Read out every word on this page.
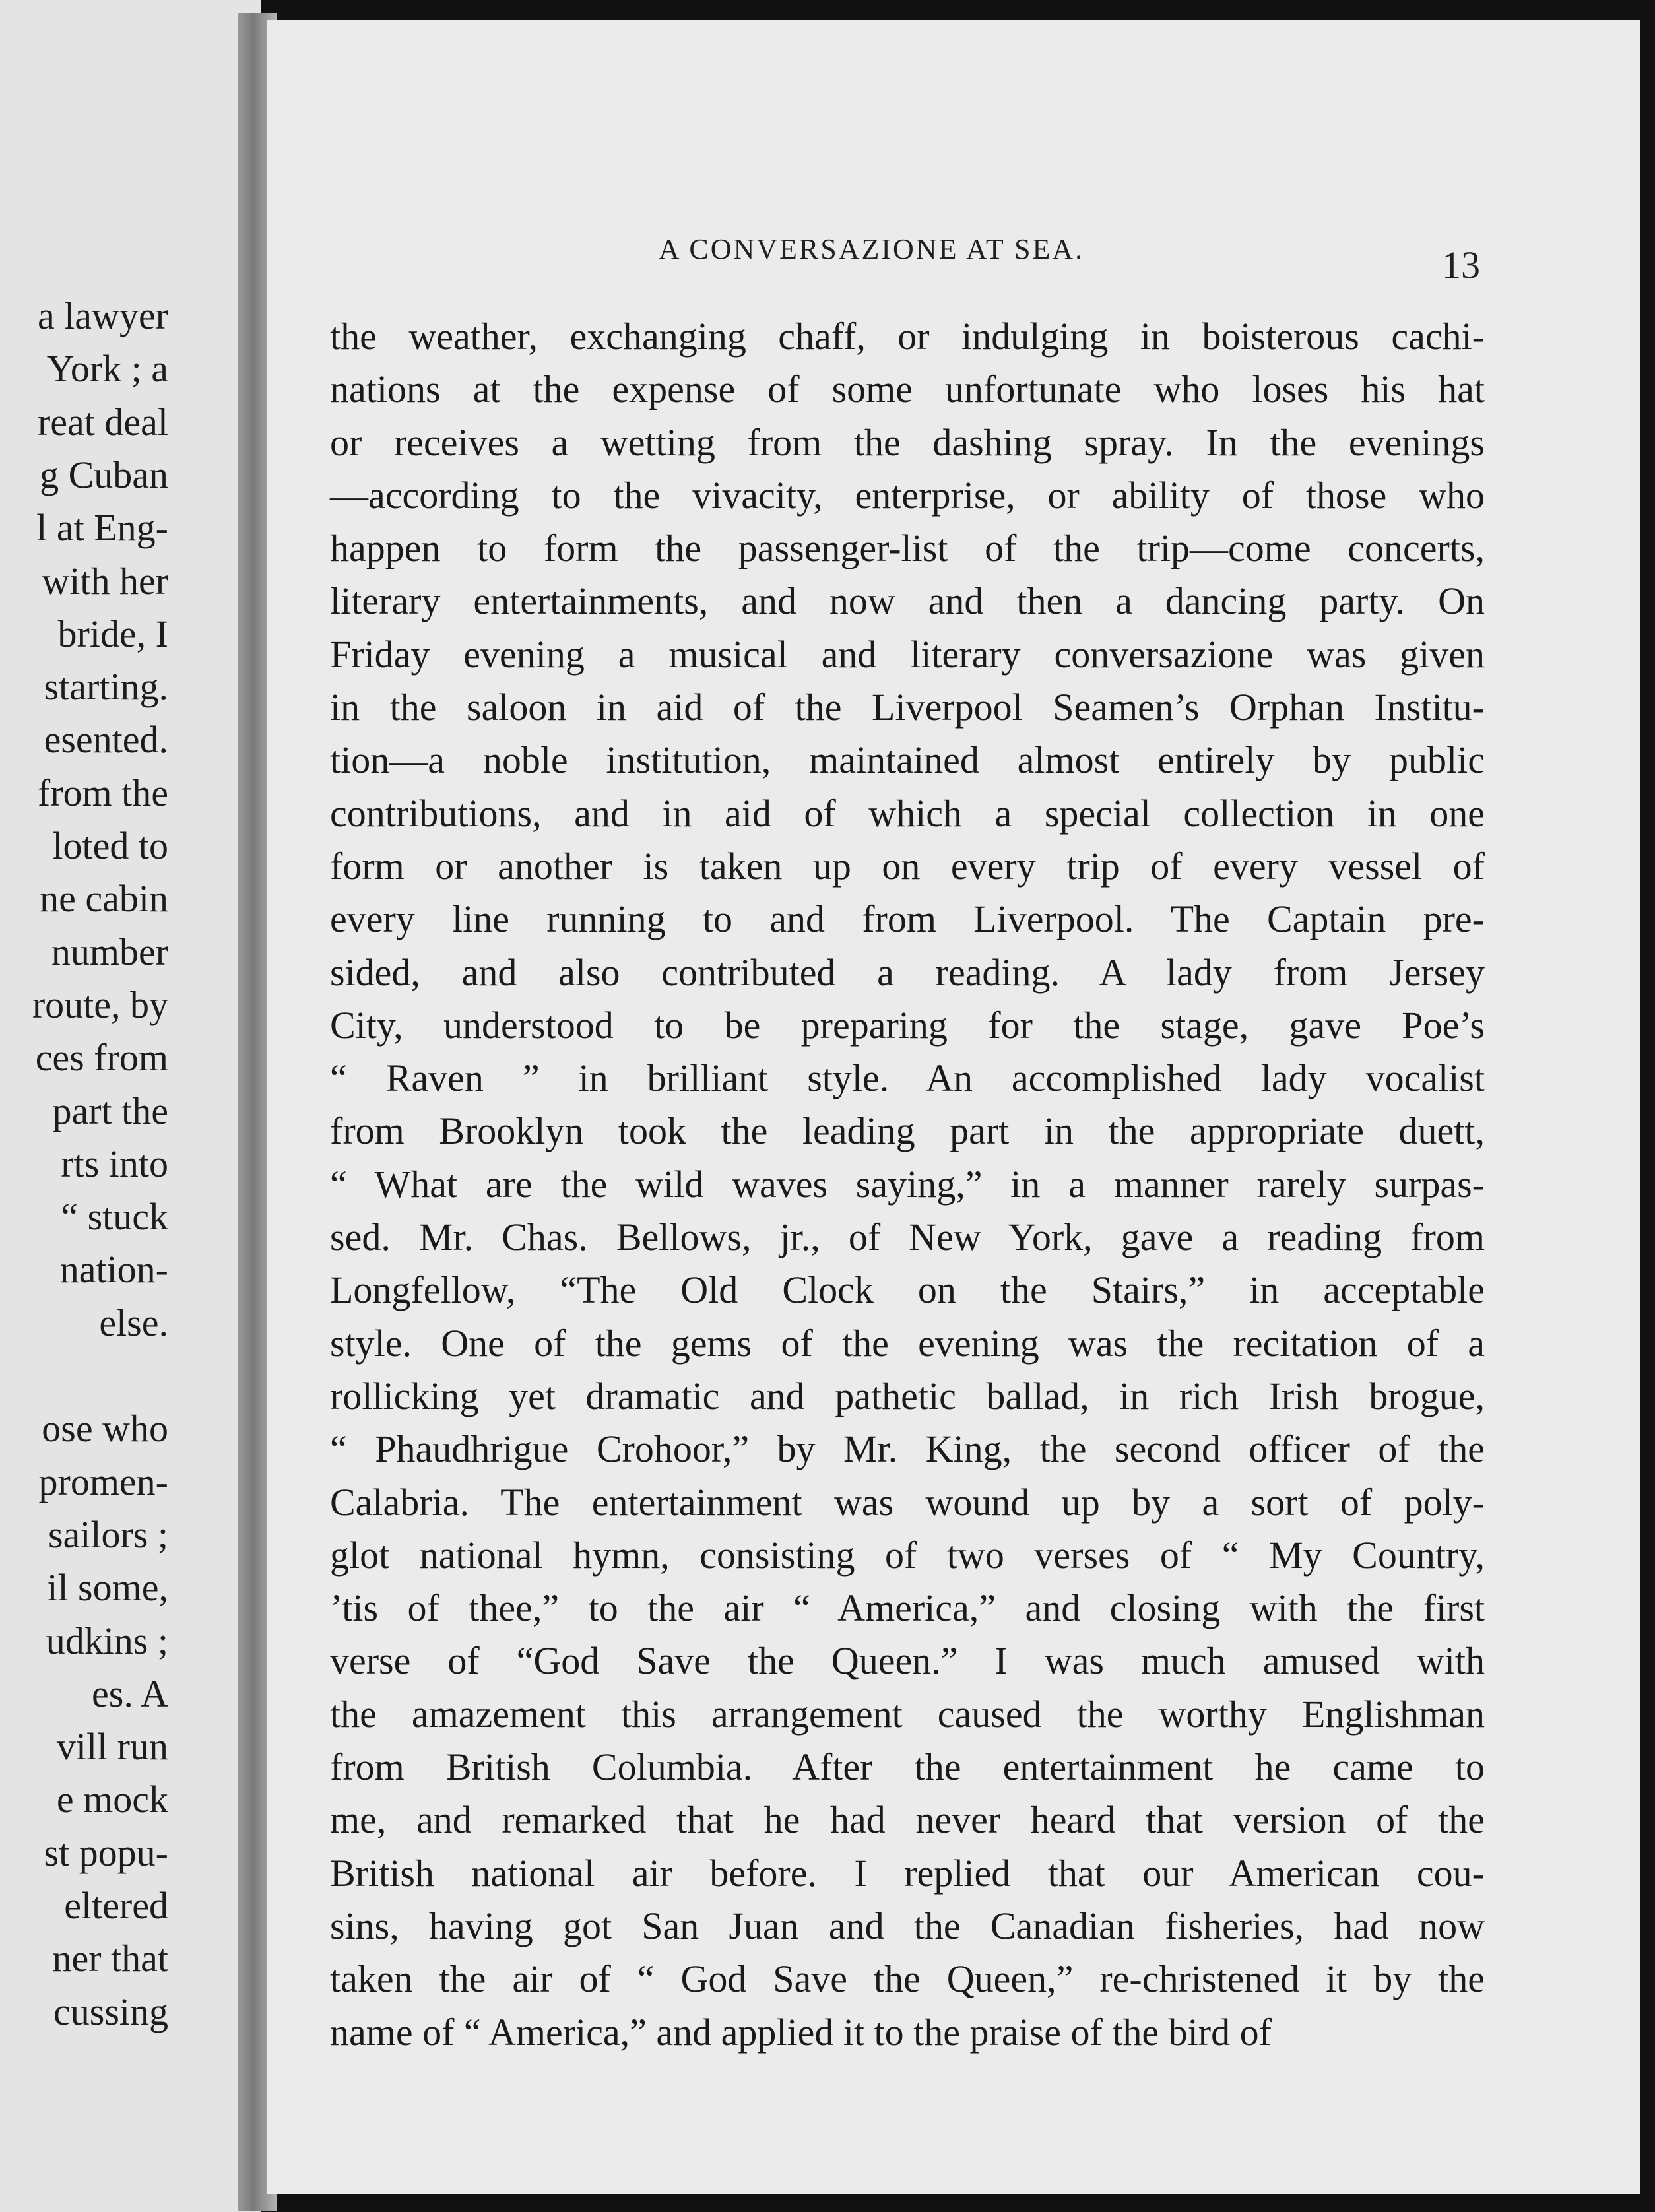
a lawyer
York ; a
reat deal
g Cuban
l at Eng-
with her
bride, I
starting.
esented.
from the
loted to
ne cabin
number
route, by
ces from
part the
rts into
“ stuck
nation-
else.
ose who
promen-
sailors ;
il some,
udkins ;
es. A
vill run
e mock
st popu-
eltered
ner that
cussing
A CONVERSAZIONE AT SEA.	13
the weather, exchanging chaff, or indulging in boisterous cachi-
nations at the expense of some unfortunate who loses his hat
or receives a wetting from the dashing spray. In the evenings
—according to the vivacity, enterprise, or ability of those who
happen to form the passenger-list of the trip—come concerts,
literary entertainments, and now and then a dancing party. On
Friday evening a musical and literary conversazione was given
in the saloon in aid of the Liverpool Seamen’s Orphan Institu-
tion—a noble institution, maintained almost entirely by public
contributions, and in aid of which a special collection in one
form or another is taken up on every trip of every vessel of
every line running to and from Liverpool. The Captain pre-
sided, and also contributed a reading. A lady from Jersey
City, understood to be preparing for the stage, gave Poe’s
“ Raven ” in brilliant style. An accomplished lady vocalist
from Brooklyn took the leading part in the appropriate duett,
“ What are the wild waves saying,” in a manner rarely surpas-
sed. Mr. Chas. Bellows, jr., of New York, gave a reading from
Longfellow, “The Old Clock on the Stairs,” in acceptable
style. One of the gems of the evening was the recitation of a
rollicking yet dramatic and pathetic ballad, in rich Irish brogue,
“ Phaudhrigue Crohoor,” by Mr. King, the second officer of the
Calabria. The entertainment was wound up by a sort of poly-
glot national hymn, consisting of two verses of “ My Country,
’tis of thee,” to the air “ America,” and closing with the first
verse of “God Save the Queen.” I was much amused with
the amazement this arrangement caused the worthy Englishman
from British Columbia. After the entertainment he came to
me, and remarked that he had never heard that version of the
British national air before. I replied that our American cou-
sins, having got San Juan and the Canadian fisheries, had now
taken the air of “ God Save the Queen,” re-christened it by the
name of “ America,” and applied it to the praise of the bird of
